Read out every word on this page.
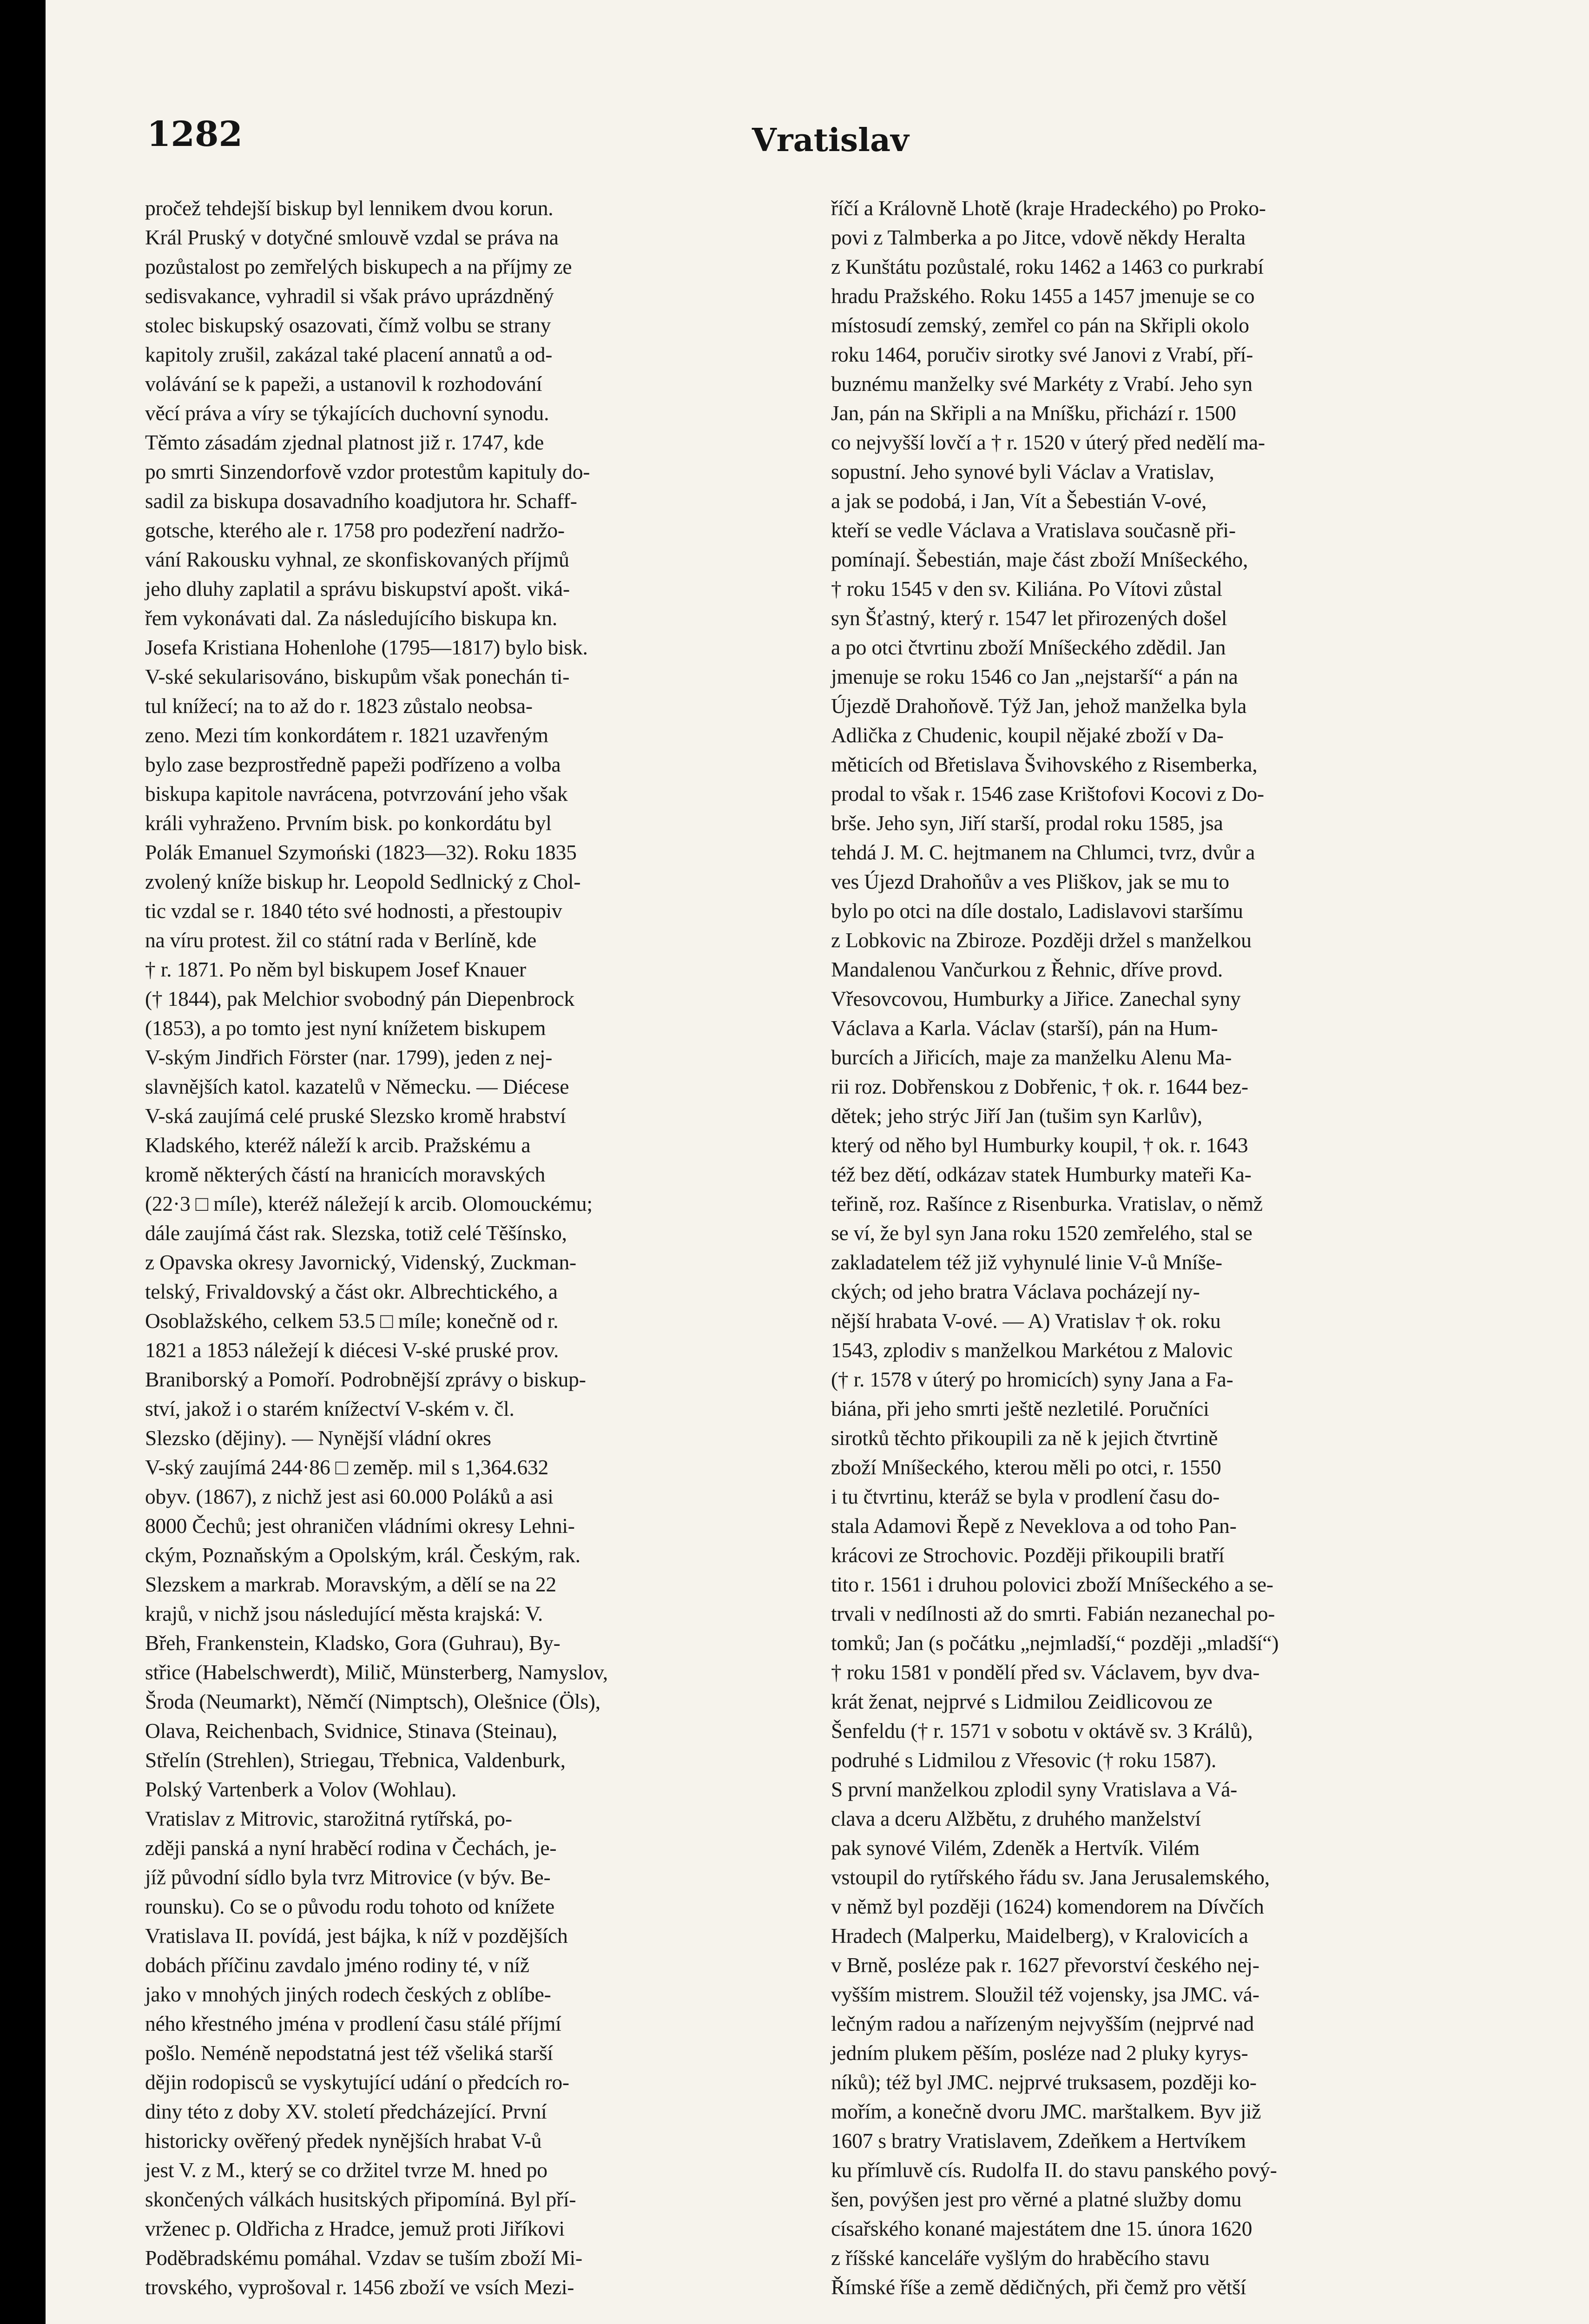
1282	Vratislav

pročež tehdejší biskup byl lennikem dvou korun.
Král Pruský v dotyčné smlouvě vzdal se práva na
pozůstalost po zemřelých biskupech a na příjmy ze
sedisvakance, vyhradil si však právo uprázdněný
stolec biskupský osazovati, čímž volbu se strany
kapitoly zrušil, zakázal také placení annatů a od-
volávání se k papeži, a ustanovil k rozhodování
věcí práva a víry se týkajících duchovní synodu.
Těmto zásadám zjednal platnost již r. 1747, kde
po smrti Sinzendorfově vzdor protestům kapituly do-
sadil za biskupa dosavadního koadjutora hr. Schaff-
gotsche, kterého ale r. 1758 pro podezření nadržo-
vání Rakousku vyhnal, ze skonfiskovaných příjmů
jeho dluhy zaplatil a správu biskupství apošt. viká-
řem vykonávati dal. Za následujícího biskupa kn.
Josefa Kristiana Hohenlohe (1795—1817) bylo bisk.
V-ské sekularisováno, biskupům však ponechán ti-
tul knížecí; na to až do r. 1823 zůstalo neobsa-
zeno. Mezi tím konkordátem r. 1821 uzavřeným
bylo zase bezprostředně papeži podřízeno a volba
biskupa kapitole navrácena, potvrzování jeho však
králi vyhraženo. Prvním bisk. po konkordátu byl
Polák Emanuel Szymoński (1823—32). Roku 1835
zvolený kníže biskup hr. Leopold Sedlnický z Chol-
tic vzdal se r. 1840 této své hodnosti, a přestoupiv
na víru protest. žil co státní rada v Berlíně, kde
† r. 1871. Po něm byl biskupem Josef Knauer
(† 1844), pak Melchior svobodný pán Diepenbrock
(1853), a po tomto jest nyní knížetem biskupem
V-ským Jindřich Förster (nar. 1799), jeden z nej-
slavnějších katol. kazatelů v Německu. — Diécese
V-ská zaujímá celé pruské Slezsko kromě hrabství
Kladského, kteréž náleží k arcib. Pražskému a
kromě některých částí na hranicích moravských
(22·3 □ míle), kteréž náležejí k arcib. Olomouckému;
dále zaujímá část rak. Slezska, totiž celé Těšínsko,
z Opavska okresy Javornický, Videnský, Zuckman-
telský, Frivaldovský a část okr. Albrechtického, a
Osoblažského, celkem 53.5 □ míle; konečně od r.
1821 a 1853 náležejí k diécesi V-ské pruské prov.
Braniborský a Pomoří. Podrobnější zprávy o biskup-
ství, jakož i o starém knížectví V-ském v. čl.
Slezsko (dějiny). — Nynější vládní okres
V-ský zaujímá 244·86 □ zeměp. mil s 1,364.632
obyv. (1867), z nichž jest asi 60.000 Poláků a asi
8000 Čechů; jest ohraničen vládními okresy Lehni-
ckým, Poznaňským a Opolským, král. Českým, rak.
Slezskem a markrab. Moravským, a dělí se na 22
krajů, v nichž jsou následující města krajská: V.
Břeh, Frankenstein, Kladsko, Gora (Guhrau), By-
střice (Habelschwerdt), Milič, Münsterberg, Namyslov,
Šroda (Neumarkt), Němčí (Nimptsch), Olešnice (Öls),
Olava, Reichenbach, Svidnice, Stinava (Steinau),
Střelín (Strehlen), Striegau, Třebnica, Valdenburk,
Polský Vartenberk a Volov (Wohlau).

Vratislav z Mitrovic, starožitná rytířská, po-
zději panská a nyní hraběcí rodina v Čechách, je-
jíž původní sídlo byla tvrz Mitrovice (v býv. Be-
rounsku). Co se o původu rodu tohoto od knížete
Vratislava II. povídá, jest bájka, k níž v pozdějších
dobách příčinu zavdalo jméno rodiny té, v níž
jako v mnohých jiných rodech českých z oblíbe-
ného křestného jména v prodlení času stálé příjmí
pošlo. Neméně nepodstatná jest též všeliká starší
dějin rodopisců se vyskytující udání o předcích ro-
diny této z doby XV. století předcházející. První
historicky ověřený předek nynějších hrabat V-ů
jest V. z M., který se co držitel tvrze M. hned po
skončených válkách husitských připomíná. Byl pří-
vrženec p. Oldřicha z Hradce, jemuž proti Jiříkovi
Poděbradskému pomáhal. Vzdav se tuším zboží Mi-
trovského, vyprošoval r. 1456 zboží ve vsích Mezi-

říčí a Královně Lhotě (kraje Hradeckého) po Proko-
povi z Talmberka a po Jitce, vdově někdy Heralta
z Kunštátu pozůstalé, roku 1462 a 1463 co purkrabí
hradu Pražského. Roku 1455 a 1457 jmenuje se co
místosudí zemský, zemřel co pán na Skřipli okolo
roku 1464, poručiv sirotky své Janovi z Vrabí, pří-
buznému manželky své Markéty z Vrabí. Jeho syn
Jan, pán na Skřipli a na Mníšku, přichází r. 1500
co nejvyšší lovčí a † r. 1520 v úterý před nedělí ma-
sopustní. Jeho synové byli Václav a Vratislav,
a jak se podobá, i Jan, Vít a Šebestián V-ové,
kteří se vedle Václava a Vratislava současně při-
pomínají. Šebestián, maje část zboží Mníšeckého,
† roku 1545 v den sv. Kiliána. Po Vítovi zůstal
syn Šťastný, který r. 1547 let přirozených došel
a po otci čtvrtinu zboží Mníšeckého zdědil. Jan
jmenuje se roku 1546 co Jan „nejstarší“ a pán na
Újezdě Drahoňově. Týž Jan, jehož manželka byla
Adlička z Chudenic, koupil nějaké zboží v Da-
měticích od Břetislava Švihovského z Risemberka,
prodal to však r. 1546 zase Krištofovi Kocovi z Do-
brše. Jeho syn, Jiří starší, prodal roku 1585, jsa
tehdá J. M. C. hejtmanem na Chlumci, tvrz, dvůr a
ves Újezd Drahoňův a ves Pliškov, jak se mu to
bylo po otci na díle dostalo, Ladislavovi staršímu
z Lobkovic na Zbiroze. Později držel s manželkou
Mandalenou Vančurkou z Řehnic, dříve provd.
Vřesovcovou, Humburky a Jiřice. Zanechal syny
Václava a Karla. Václav (starší), pán na Hum-
burcích a Jiřicích, maje za manželku Alenu Ma-
rii roz. Dobřenskou z Dobřenic, † ok. r. 1644 bez-
dětek; jeho strýc Jiří Jan (tušim syn Karlův),
který od něho byl Humburky koupil, † ok. r. 1643
též bez dětí, odkázav statek Humburky mateři Ka-
teřině, roz. Rašínce z Risenburka. Vratislav, o němž
se ví, že byl syn Jana roku 1520 zemřelého, stal se
zakladatelem též již vyhynulé linie V-ů Mníše-
ckých; od jeho bratra Václava pocházejí ny-
nější hrabata V-ové. — A) Vratislav † ok. roku
1543, zplodiv s manželkou Markétou z Malovic
(† r. 1578 v úterý po hromicích) syny Jana a Fa-
biána, při jeho smrti ještě nezletilé. Poručníci
sirotků těchto přikoupili za ně k jejich čtvrtině
zboží Mníšeckého, kterou měli po otci, r. 1550
i tu čtvrtinu, kteráž se byla v prodlení času do-
stala Adamovi Řepě z Neveklova a od toho Pan-
krácovi ze Strochovic. Později přikoupili bratří
tito r. 1561 i druhou polovici zboží Mníšeckého a se-
trvali v nedílnosti až do smrti. Fabián nezanechal po-
tomků; Jan (s počátku „nejmladší,“ později „mladší“)
† roku 1581 v pondělí před sv. Václavem, byv dva-
krát ženat, nejprvé s Lidmilou Zeidlicovou ze
Šenfeldu († r. 1571 v sobotu v oktávě sv. 3 Králů),
podruhé s Lidmilou z Vřesovic († roku 1587).
S první manželkou zplodil syny Vratislava a Vá-
clava a dceru Alžbětu, z druhého manželství
pak synové Vilém, Zdeněk a Hertvík. Vilém
vstoupil do rytířského řádu sv. Jana Jerusalemského,
v němž byl později (1624) komendorem na Dívčích
Hradech (Malperku, Maidelberg), v Kralovicích a
v Brně, posléze pak r. 1627 převorství českého nej-
vyšším mistrem. Sloužil též vojensky, jsa JMC. vá-
lečným radou a nařízeným nejvyšším (nejprvé nad
jedním plukem pěším, posléze nad 2 pluky kyrys-
níků); též byl JMC. nejprvé truksasem, později ko-
mořím, a konečně dvoru JMC. marštalkem. Byv již
1607 s bratry Vratislavem, Zdeňkem a Hertvíkem
ku přímluvě cís. Rudolfa II. do stavu panského pový-
šen, povýšen jest pro věrné a platné služby domu
císařského konané majestátem dne 15. února 1620
z říšské kanceláře vyšlým do hraběcího stavu
Římské říše a země dědičných, při čemž pro větší
